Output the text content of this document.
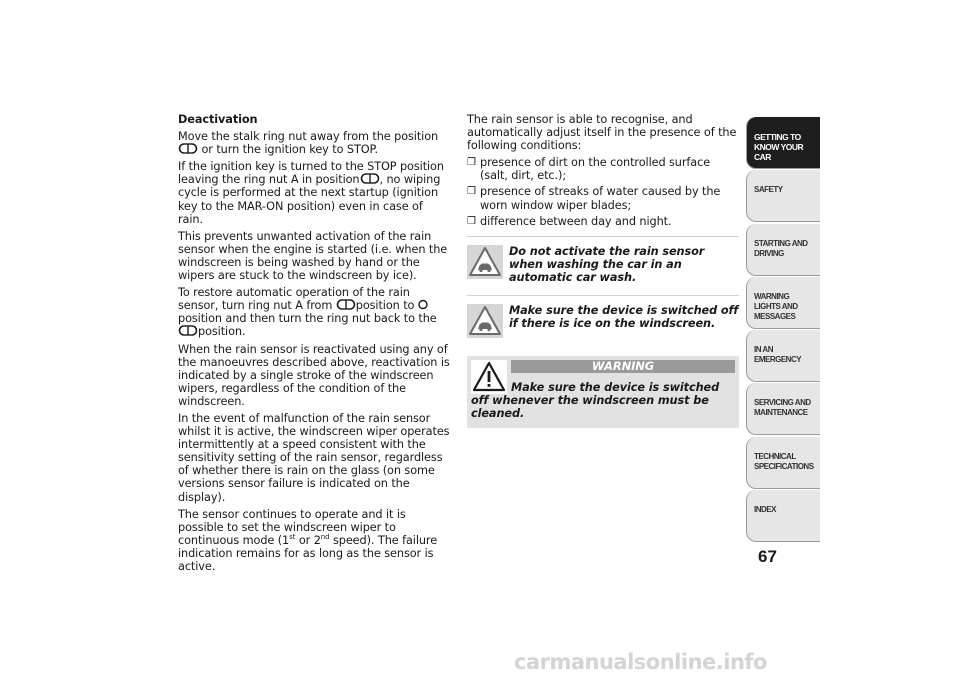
Deactivation

Move the stalk ring nut away from the position
or turn the ignition key to STOP.

If the ignition key is turned to the STOP position leaving the ring nut A in position , no wiping cycle is performed at the next startup (ignition key to the MAR-ON position) even in case of rain.

This prevents unwanted activation of the rain sensor when the engine is started (i.e. when the windscreen is being washed by hand or the wipers are stuck to the windscreen by ice).

To restore automatic operation of the rain sensor, turn ring nut A from position to position and then turn the ring nut back to the position.

When the rain sensor is reactivated using any of the manoeuvres described above, reactivation is indicated by a single stroke of the windscreen wipers, regardless of the condition of the windscreen.

In the event of malfunction of the rain sensor whilst it is active, the windscreen wiper operates intermittently at a speed consistent with the sensitivity setting of the rain sensor, regardless of whether there is rain on the glass (on some versions sensor failure is indicated on the display).

The sensor continues to operate and it is possible to set the windscreen wiper to continuous mode (1st or 2nd speed). The failure indication remains for as long as the sensor is active.

The rain sensor is able to recognise, and automatically adjust itself in the presence of the following conditions:

❒ presence of dirt on the controlled surface (salt, dirt, etc.);
❒ presence of streaks of water caused by the worn window wiper blades;
❒ difference between day and night.
Do not activate the rain sensor when washing the car in an automatic car wash.
Make sure the device is switched off if there is ice on the windscreen.
WARNING
Make sure the device is switched off whenever the windscreen must be cleaned.
GETTING TO KNOW YOUR CAR
SAFETY
STARTING AND DRIVING
WARNING LIGHTS AND MESSAGES
IN AN EMERGENCY
SERVICING AND MAINTENANCE
TECHNICAL SPECIFICATIONS
INDEX
67
carmanualsonline.info
